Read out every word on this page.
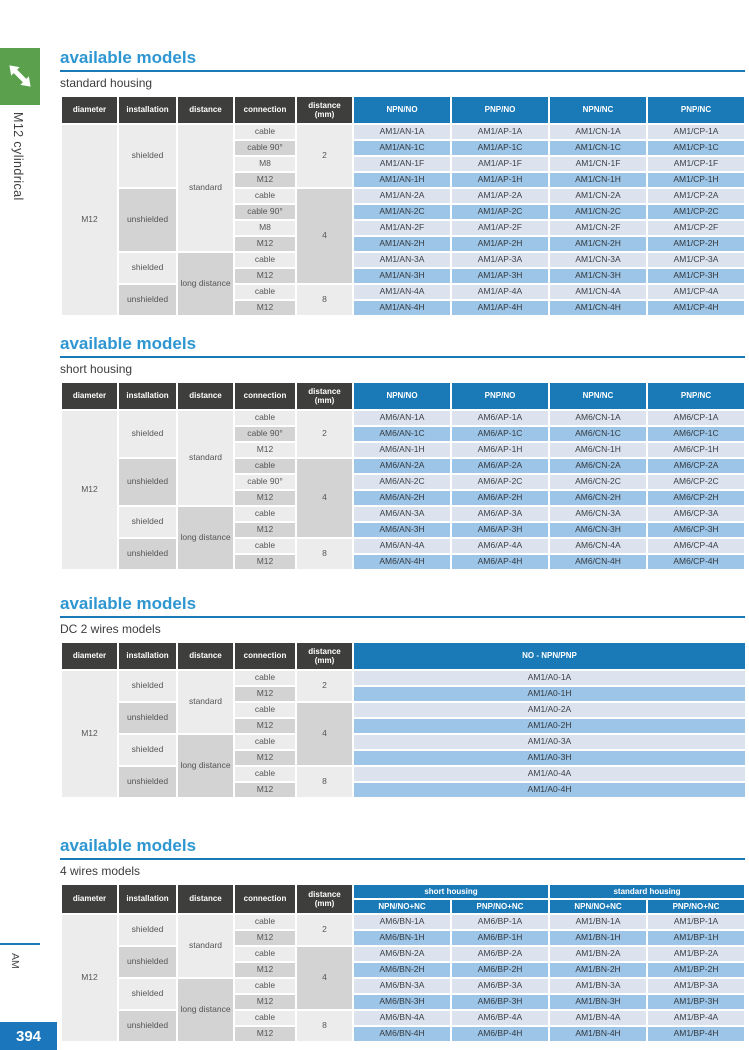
M12 cylindrical
AM
394
available models
standard housing
diameter	installation	distance	connection	distance
(mm)	NPN/NO	PNP/NO	NPN/NC	PNP/NC
M12	shielded	standard	cable	2	AM1/AN-1A	AM1/AP-1A	AM1/CN-1A	AM1/CP-1A
			cable 90°		AM1/AN-1C	AM1/AP-1C	AM1/CN-1C	AM1/CP-1C
			M8		AM1/AN-1F	AM1/AP-1F	AM1/CN-1F	AM1/CP-1F
			M12		AM1/AN-1H	AM1/AP-1H	AM1/CN-1H	AM1/CP-1H
	unshielded		cable	4	AM1/AN-2A	AM1/AP-2A	AM1/CN-2A	AM1/CP-2A
			cable 90°		AM1/AN-2C	AM1/AP-2C	AM1/CN-2C	AM1/CP-2C
			M8		AM1/AN-2F	AM1/AP-2F	AM1/CN-2F	AM1/CP-2F
			M12		AM1/AN-2H	AM1/AP-2H	AM1/CN-2H	AM1/CP-2H
	shielded	long distance	cable		AM1/AN-3A	AM1/AP-3A	AM1/CN-3A	AM1/CP-3A
			M12		AM1/AN-3H	AM1/AP-3H	AM1/CN-3H	AM1/CP-3H
	unshielded		cable	8	AM1/AN-4A	AM1/AP-4A	AM1/CN-4A	AM1/CP-4A
			M12		AM1/AN-4H	AM1/AP-4H	AM1/CN-4H	AM1/CP-4H
available models
short housing
diameter	installation	distance	connection	distance
(mm)	NPN/NO	PNP/NO	NPN/NC	PNP/NC
M12	shielded	standard	cable	2	AM6/AN-1A	AM6/AP-1A	AM6/CN-1A	AM6/CP-1A
			cable 90°		AM6/AN-1C	AM6/AP-1C	AM6/CN-1C	AM6/CP-1C
			M12		AM6/AN-1H	AM6/AP-1H	AM6/CN-1H	AM6/CP-1H
	unshielded		cable	4	AM6/AN-2A	AM6/AP-2A	AM6/CN-2A	AM6/CP-2A
			cable 90°		AM6/AN-2C	AM6/AP-2C	AM6/CN-2C	AM6/CP-2C
			M12		AM6/AN-2H	AM6/AP-2H	AM6/CN-2H	AM6/CP-2H
	shielded	long distance	cable		AM6/AN-3A	AM6/AP-3A	AM6/CN-3A	AM6/CP-3A
			M12		AM6/AN-3H	AM6/AP-3H	AM6/CN-3H	AM6/CP-3H
	unshielded		cable	8	AM6/AN-4A	AM6/AP-4A	AM6/CN-4A	AM6/CP-4A
			M12		AM6/AN-4H	AM6/AP-4H	AM6/CN-4H	AM6/CP-4H
available models
DC 2 wires models
diameter	installation	distance	connection	distance
(mm)	NO - NPN/PNP
M12	shielded	standard	cable	2	AM1/A0-1A
			M12		AM1/A0-1H
	unshielded		cable	4	AM1/A0-2A
			M12		AM1/A0-2H
	shielded	long distance	cable		AM1/A0-3A
			M12		AM1/A0-3H
	unshielded		cable	8	AM1/A0-4A
			M12		AM1/A0-4H
available models
4 wires models
diameter	installation	distance	connection	distance
(mm)	short housing		standard housing	
					NPN/NO+NC	PNP/NO+NC	NPN/NO+NC	PNP/NO+NC
M12	shielded	standard	cable	2	AM6/BN-1A	AM6/BP-1A	AM1/BN-1A	AM1/BP-1A
			M12		AM6/BN-1H	AM6/BP-1H	AM1/BN-1H	AM1/BP-1H
	unshielded		cable	4	AM6/BN-2A	AM6/BP-2A	AM1/BN-2A	AM1/BP-2A
			M12		AM6/BN-2H	AM6/BP-2H	AM1/BN-2H	AM1/BP-2H
	shielded	long distance	cable		AM6/BN-3A	AM6/BP-3A	AM1/BN-3A	AM1/BP-3A
			M12		AM6/BN-3H	AM6/BP-3H	AM1/BN-3H	AM1/BP-3H
	unshielded		cable	8	AM6/BN-4A	AM6/BP-4A	AM1/BN-4A	AM1/BP-4A
			M12		AM6/BN-4H	AM6/BP-4H	AM1/BN-4H	AM1/BP-4H
